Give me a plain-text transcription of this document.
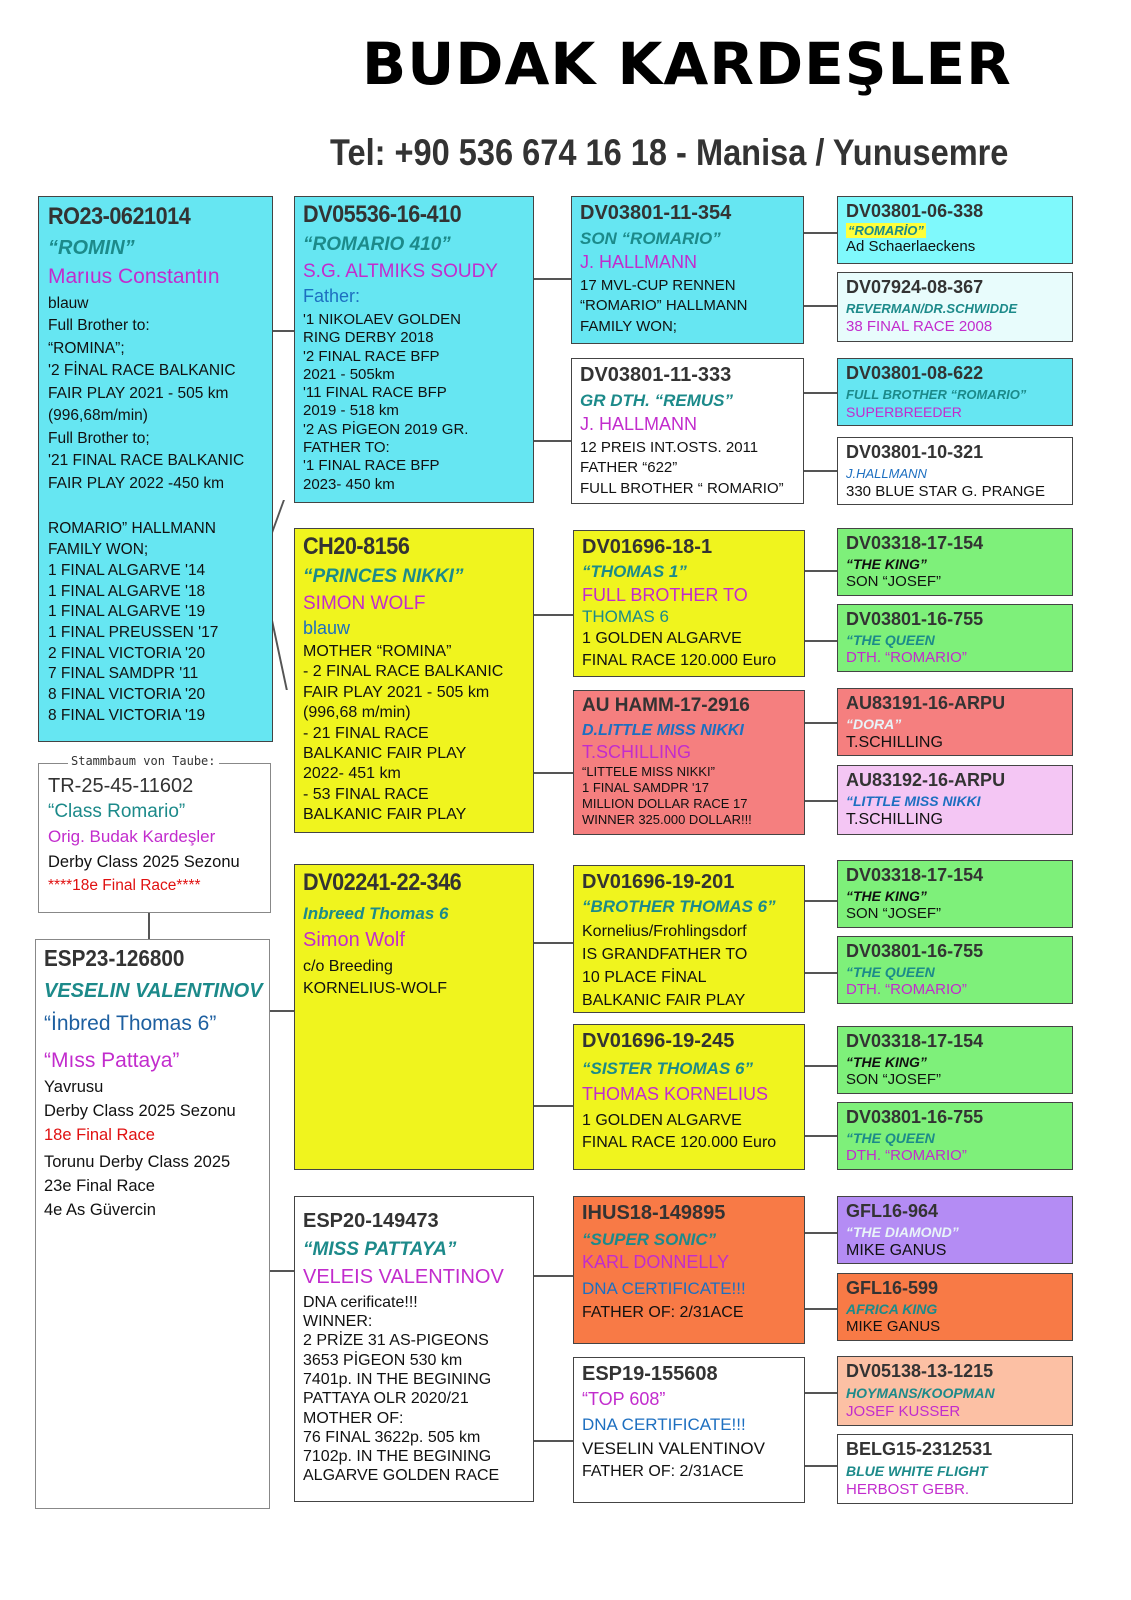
BUDAK KARDEŞLER
Tel: +90 536 674 16 18 - Manisa / Yunusemre
RO23-0621014
“ROMIN”
Marıus Constantın
blauw
Full Brother to:
“ROMINA”;
'2 FİNAL RACE BALKANIC
FAIR PLAY 2021 - 505 km
(996,68m/min)
Full Brother to;
'21 FINAL RACE BALKANIC
FAIR PLAY 2022 -450 km
ROMARIO” HALLMANN
FAMILY WON;
1 FINAL ALGARVE '14
1 FINAL ALGARVE '18
1 FINAL ALGARVE '19
1 FINAL PREUSSEN '17
2 FINAL VICTORIA '20
7 FINAL SAMDPR '11
8 FINAL VICTORIA '20
8 FINAL VICTORIA '19
TR-25-45-11602
“Class Romario”
Orig. Budak Kardeşler
Derby Class 2025 Sezonu
****18e Final Race****
Stammbaum von Taube:
ESP23-126800
VESELIN VALENTINOV
“İnbred Thomas 6”
“Mıss Pattaya”
Yavrusu
Derby Class 2025 Sezonu
18e Final Race
Torunu Derby Class 2025
23e Final Race
4e As Güvercin
DV05536-16-410
“ROMARIO 410”
S.G. ALTMIKS SOUDY
Father:
'1 NIKOLAEV GOLDEN
RING DERBY 2018
'2 FINAL RACE BFP
2021 - 505km
'11 FINAL RACE BFP
2019 - 518 km
'2 AS PİGEON 2019 GR.
FATHER TO:
'1 FINAL RACE BFP
2023- 450 km
CH20-8156
“PRINCES NIKKI”
SIMON WOLF
blauw
MOTHER “ROMINA”
- 2 FINAL RACE BALKANIC
FAIR PLAY 2021 - 505 km
(996,68 m/min)
- 21 FINAL RACE
BALKANIC FAIR PLAY
2022- 451 km
- 53 FINAL RACE
BALKANIC FAIR PLAY
DV02241-22-346
Inbreed Thomas 6
Simon Wolf
c/o Breeding
KORNELIUS-WOLF
ESP20-149473
“MISS PATTAYA”
VELEIS VALENTINOV
DNA cerificate!!!
WINNER:
2 PRİZE 31 AS-PIGEONS
3653 PİGEON 530 km
7401p. IN THE BEGINING
PATTAYA OLR 2020/21
MOTHER OF:
76 FINAL 3622p. 505 km
7102p. IN THE BEGINING
ALGARVE GOLDEN RACE
DV03801-11-354
SON “ROMARIO”
J. HALLMANN
17 MVL-CUP RENNEN
“ROMARIO” HALLMANN
FAMILY WON;
DV03801-11-333
GR DTH. “REMUS”
J. HALLMANN
12 PREIS INT.OSTS. 2011
FATHER “622”
FULL BROTHER “ ROMARIO”
DV01696-18-1
“THOMAS 1”
FULL BROTHER TO
THOMAS 6
1 GOLDEN ALGARVE
FINAL RACE 120.000 Euro
AU HAMM-17-2916
D.LITTLE MISS NIKKI
T.SCHILLING
“LITTELE MISS NIKKI”
1 FINAL SAMDPR '17
MILLION DOLLAR RACE 17
WINNER 325.000 DOLLAR!!!
DV01696-19-201
“BROTHER THOMAS 6”
Kornelius/Frohlingsdorf
IS GRANDFATHER TO
10 PLACE FİNAL
BALKANIC FAIR PLAY
DV01696-19-245
“SISTER THOMAS 6”
THOMAS KORNELIUS
1 GOLDEN ALGARVE
FINAL RACE 120.000 Euro
IHUS18-149895
“SUPER SONIC”
KARL DONNELLY
DNA CERTIFICATE!!!
FATHER OF: 2/31ACE
ESP19-155608
“TOP 608”
DNA CERTIFICATE!!!
VESELIN VALENTINOV
FATHER OF: 2/31ACE
DV03801-06-338
“ROMARİO”
Ad Schaerlaeckens
DV07924-08-367
REVERMAN/DR.SCHWIDDE
38 FINAL RACE 2008
DV03801-08-622
FULL BROTHER “ROMARIO”
SUPERBREEDER
DV03801-10-321
J.HALLMANN
330 BLUE STAR G. PRANGE
DV03318-17-154
“THE KING”
SON “JOSEF”
DV03801-16-755
“THE QUEEN
DTH. “ROMARIO”
AU83191-16-ARPU
“DORA”
T.SCHILLING
AU83192-16-ARPU
“LITTLE MISS NIKKI
T.SCHILLING
DV03318-17-154
“THE KING”
SON “JOSEF”
DV03801-16-755
“THE QUEEN
DTH. “ROMARIO”
DV03318-17-154
“THE KING”
SON “JOSEF”
DV03801-16-755
“THE QUEEN
DTH. “ROMARIO”
GFL16-964
“THE DIAMOND”
MIKE GANUS
GFL16-599
AFRICA KING
MIKE GANUS
DV05138-13-1215
HOYMANS/KOOPMAN
JOSEF KUSSER
BELG15-2312531
BLUE WHITE FLIGHT
HERBOST GEBR.
